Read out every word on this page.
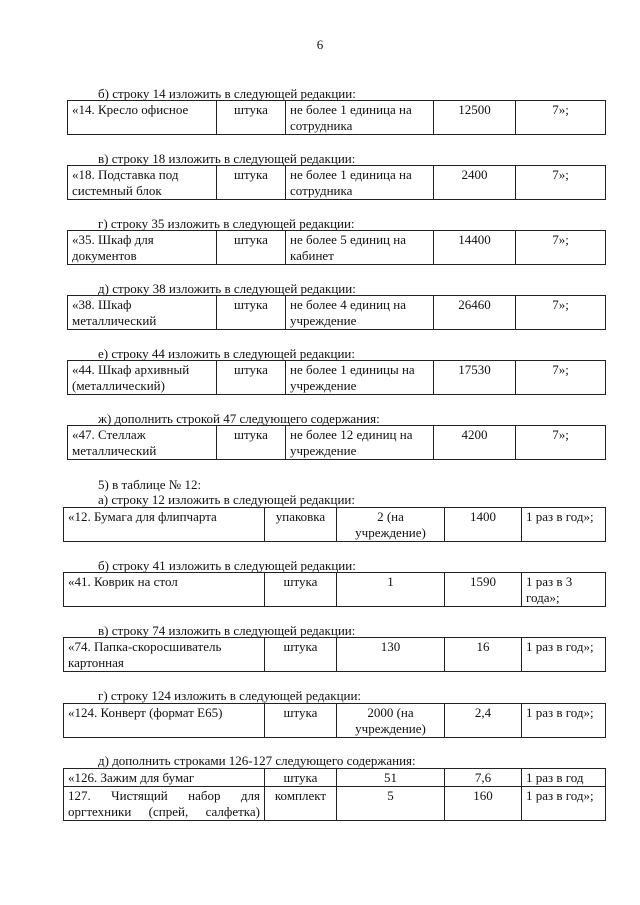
6
б) строку 14 изложить в следующей редакции:
«14. Кресло офисное	штука	не более 1 единица на сотрудника	12500	7»;
в) строку 18 изложить в следующей редакции:
«18. Подставка под системный блок	штука	не более 1 единица на сотрудника	2400	7»;
г) строку 35 изложить в следующей редакции:
«35. Шкаф для документов	штука	не более 5 единиц на кабинет	14400	7»;
д) строку 38 изложить в следующей редакции:
«38. Шкаф металлический	штука	не более 4 единиц на учреждение	26460	7»;
е) строку 44 изложить в следующей редакции:
«44. Шкаф архивный (металлический)	штука	не более 1 единицы на учреждение	17530	7»;
ж) дополнить строкой 47 следующего содержания:
«47. Стеллаж металлический	штука	не более 12 единиц на учреждение	4200	7»;
5) в таблице № 12:
а) строку 12 изложить в следующей редакции:
«12. Бумага для флипчарта	упаковка	2 (на учреждение)	1400	1 раз в год»;
б) строку 41 изложить в следующей редакции:
«41. Коврик на стол	штука	1	1590	1 раз в 3 года»;
в) строку 74 изложить в следующей редакции:
«74. Папка-скоросшиватель картонная	штука	130	16	1 раз в год»;
г) строку 124 изложить в следующей редакции:
«124. Конверт (формат Е65)	штука	2000 (на учреждение)	2,4	1 раз в год»;
д) дополнить строками 126-127 следующего содержания:
«126. Зажим для бумаг	штука	51	7,6	1 раз в год
127. Чистящий набор для оргтехники (спрей, салфетка)	комплект	5	160	1 раз в год»;
